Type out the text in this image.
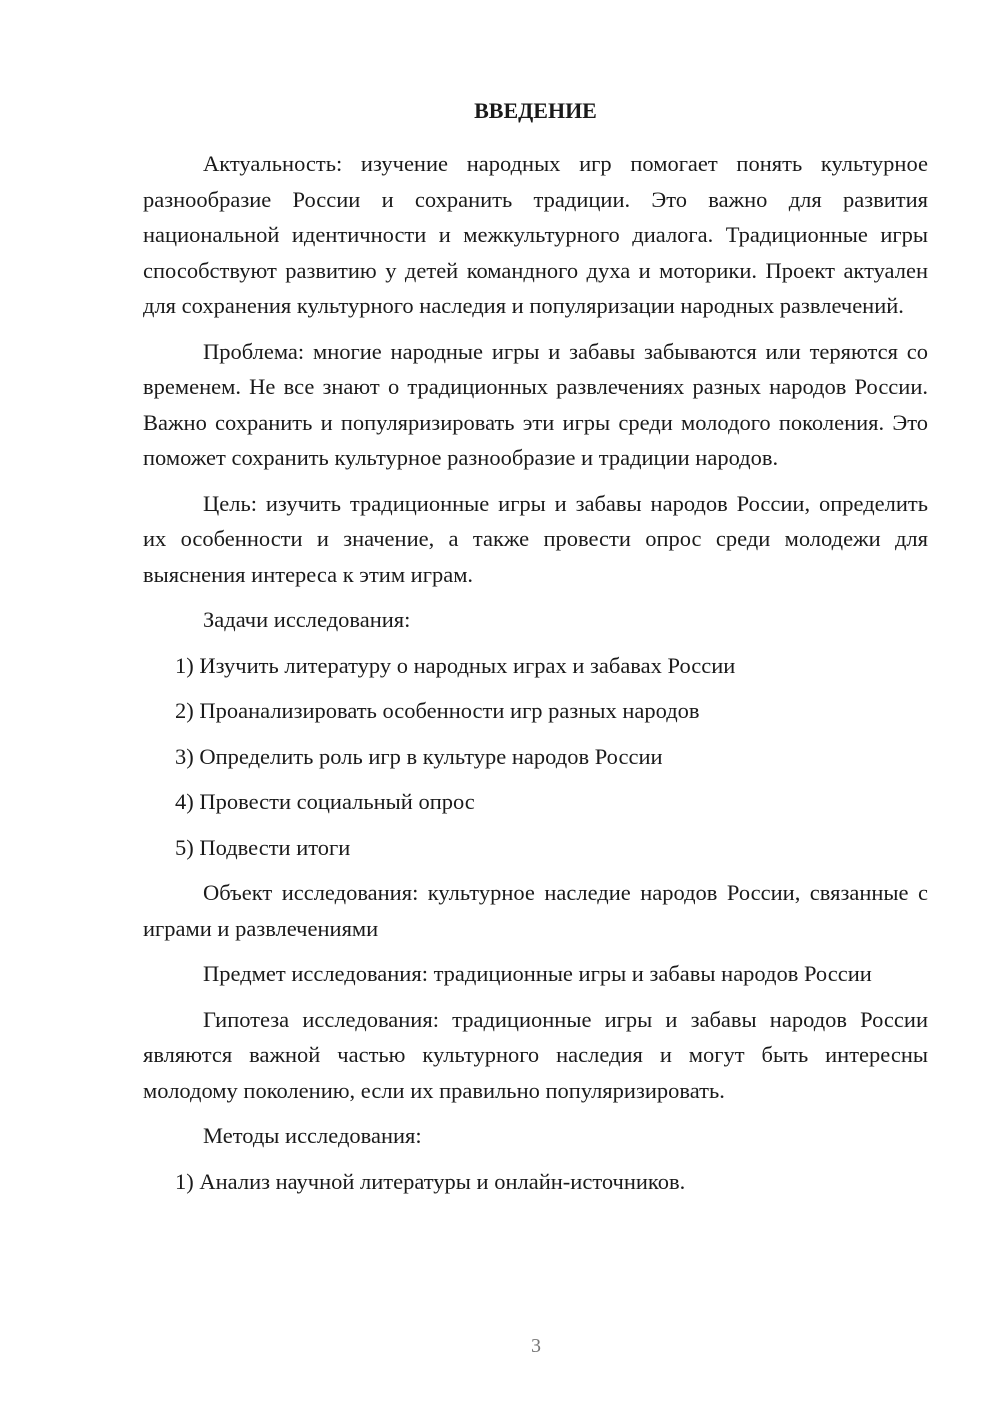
ВВЕДЕНИЕ

Актуальность: изучение народных игр помогает понять культурное разнообразие России и сохранить традиции. Это важно для развития национальной идентичности и межкультурного диалога. Традиционные игры способствуют развитию у детей командного духа и моторики. Проект актуален для сохранения культурного наследия и популяризации народных развлечений.

Проблема: многие народные игры и забавы забываются или теряются со временем. Не все знают о традиционных развлечениях разных народов России. Важно сохранить и популяризировать эти игры среди молодого поколения. Это поможет сохранить культурное разнообразие и традиции народов.

Цель: изучить традиционные игры и забавы народов России, определить их особенности и значение, а также провести опрос среди молодежи для выяснения интереса к этим играм.

Задачи исследования:

1) Изучить литературу о народных играх и забавах России
2) Проанализировать особенности игр разных народов
3) Определить роль игр в культуре народов России
4) Провести социальный опрос
5) Подвести итоги

Объект исследования: культурное наследие народов России, связанные с играми и развлечениями

Предмет исследования: традиционные игры и забавы народов России

Гипотеза исследования: традиционные игры и забавы народов России являются важной частью культурного наследия и могут быть интересны молодому поколению, если их правильно популяризировать.

Методы исследования:

1) Анализ научной литературы и онлайн-источников.
3
